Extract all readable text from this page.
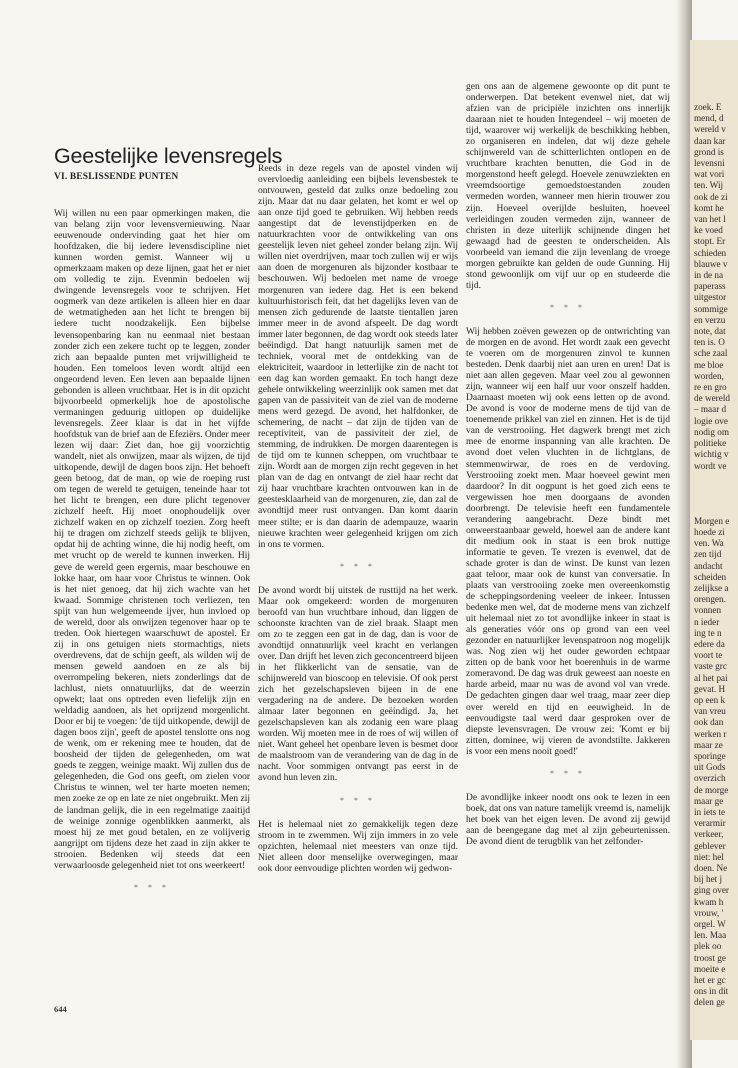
zoek. E
mend, d
wereld v
daan kar
grond is
levensni
wat vori
ten. Wij
ook de zi
komt he
van het l
ke voed
stopt. Er
schieden
blauwe v
in de na
paperass
uitgestor
sommige
en verzu
note, dat
ten is. O
sche zaal
me bloe
worden,
re en gro
de wereld
– maar d
logie ove
nodig om
politieke
wichtig v
wordt ve
Morgen e
hoede zi
ven. Wa
zen tijd
andacht
scheiden
zelijkse a
orengen.
vonnen
n ieder
ing te n
edere da
voort te
vaste grc
al het pai
gevat. H
op een k
van vreu
ook dan
werken r
maar ze
sporinge
uit Gods
overzich
de morge
maar ge
in iets te
verarmir
verkeer,
geblever
niet: hel
doen. Ne
bij het j
ging over
kwam h
vrouw, '
orgel. W
len. Maa
plek oo
troost ge
moeite e
het er gc
ons in dit
delen ge
Geestelijke levensregels
VI. BESLISSENDE PUNTEN

Wij willen nu een paar opmerkingen maken, die van belang zijn voor levensvernieuwing. Naar eeuwenoude ondervinding gaat het hier om hoofdzaken, die bij iedere levensdiscipline niet kunnen worden gemist. Wanneer wij u opmerkzaam maken op deze lijnen, gaat het er niet om volledig te zijn. Evenmin bedoelen wij dwingende levensregels voor te schrijven. Het oogmerk van deze artikelen is alleen hier en daar de wetmatigheden aan het licht te brengen bij iedere tucht noodzakelijk. Een bijbelse levensopenbaring kan nu eenmaal niet bestaan zonder zich een zekere tucht op te leggen, zonder zich aan bepaalde punten met vrijwilligheid te houden. Een tomeloos leven wordt altijd een ongeordend leven. Een leven aan bepaalde lijnen gebonden is alleen vruchtbaar. Het is in dit opzicht bijvoorbeeld opmerkelijk hoe de apostolische vermaningen geduurig uitlopen op duidelijke levensregels. Zeer klaar is dat in het vijfde hoofdstuk van de brief aan de Efeziërs. Onder meer lezen wij daar: Ziet dan, hoe gij voorzichtig wandelt, niet als onwijzen, maar als wijzen, de tijd uitkopende, dewijl de dagen boos zijn. Het behoeft geen betoog, dat de man, op wie de roeping rust om tegen de wereld te getuigen, teneinde haar tot het licht te brengen, een dure plicht tegenover zichzelf heeft. Hij moet onophoudelijk over zichzelf waken en op zichzelf toezien. Zorg heeft hij te dragen om zichzelf steeds gelijk te blijven, opdat hij de achting winne, die hij nodig heeft, om met vrucht op de wereld te kunnen inwerken. Hij geve de wereld geen ergernis, maar beschouwe en lokke haar, om haar voor Christus te winnen. Ook is het niet genoeg, dat hij zich wachte van het kwaad. Sommige christenen toch verliezen, ten spijt van hun welgemeende ijver, hun invloed op de wereld, door als onwijzen tegenover haar op te treden. Ook hiertegen waarschuwt de apostel. Er zij in ons getuigen niets stormachtigs, niets overdrevens, dat de schijn geeft, als wilden wij de mensen geweld aandoen en ze als bij overrompeling bekeren, niets zonderlings dat de lachlust, niets onnatuurlijks, dat de weerzin opwekt; laat ons optreden even liefelijk zijn en weldadig aandoen, als het oprijzend morgenlicht. Door er bij te voegen: 'de tijd uitkopende, dewijl de dagen boos zijn', geeft de apostel tenslotte ons nog de wenk, om er rekening mee te houden, dat de boosheid der tijden de gelegenheden, om wat goeds te zeggen, weinige maakt. Wij zullen dus de gelegenheden, die God ons geeft, om zielen voor Christus te winnen, wel ter harte moeten nemen; men zoeke ze op en late ze niet ongebruikt. Men zij de landman gelijk, die in een regelmatige zaaitijd de weinige zonnige ogenblikken aanmerkt, als moest hij ze met goud betalen, en ze volijverig aangrijpt om tijdens deze het zaad in zijn akker te strooien. Bedenken wij steeds dat een verwaarloosde gelegenheid niet tot ons weerkeert!

* * *

Reeds in deze regels van de apostel vinden wij overvloedig aanleiding een bijbels levensbestek te ontvouwen, gesteld dat zulks onze bedoeling zou zijn. Maar dat nu daar gelaten, het komt er wel op aan onze tijd goed te gebruiken. Wij hebben reeds aangestipt dat de levenstijdperken en de natuurkrachten voor de ontwikkeling van ons geestelijk leven niet geheel zonder belang zijn. Wij willen niet overdrijven, maar toch zullen wij er wijs aan doen de morgenuren als bijzonder kostbaar te beschouwen. Wij bedoelen met name de vroege morgenuren van iedere dag. Het is een bekend kultuurhistorisch feit, dat het dagelijks leven van de mensen zich gedurende de laatste tientallen jaren immer meer in de avond afspeelt. De dag wordt immer later begonnen, de dag wordt ook steeds later beëindigd. Dat hangt natuurlijk samen met de techniek, vooral met de ontdekking van de elektriciteit, waardoor in letterlijke zin de nacht tot een dag kan worden gemaakt. En toch hangt deze gehele ontwikkeling weerzinlijk ook samen met dat gapen van de passiviteit van de ziel van de moderne mens werd gezegd. De avond, het halfdonker, de schemering, de nacht – dat zijn de tijden van de receptiviteit, van de passiviteit der ziel, de stemming, de indrukken. De morgen daarentegen is de tijd om te kunnen scheppen, om vruchtbaar te zijn. Wordt aan de morgen zijn recht gegeven in het plan van de dag en ontvangt de ziel haar recht dat zij haar vruchtbare krachten ontvouwen kan in de geestesklaarheid van de morgenuren, zie, dan zal de avondtijd meer rust ontvangen. Dan komt daarin meer stilte; er is dan daarin de adempauze, waarin nieuwe krachten weer gelegenheid krijgen om zich in ons te vormen.

* * *

De avond wordt bij uitstek de rusttijd na het werk. Maar ook omgekeerd: worden de morgenuren beroofd van hun vruchtbare inhoud, dan liggen de schoonste krachten van de ziel braak. Slaapt men om zo te zeggen een gat in de dag, dan is voor de avondtijd onnatuurlijk veel kracht en verlangen over. Dan drijft het leven zich geconcentreerd bijeen in het flikkerlicht van de sensatie, van de schijnwereld van bioscoop en televisie. Of ook perst zich het gezelschapsleven bijeen in de ene vergadering na de andere. De bezoeken worden almaar later begonnen en geëindigd. Ja, het gezelschapsleven kan als zodanig een ware plaag worden. Wij moeten mee in de roes of wij willen of niet. Want geheel het openbare leven is besmet door de maalstroom van de verandering van de dag in de nacht. Voor sommigen ontvangt pas eerst in de avond hun leven zin.

* * *

Het is helemaal niet zo gemakkelijk tegen deze stroom in te zwemmen. Wij zijn immers in zo vele opzichten, helemaal niet meesters van onze tijd. Niet alleen door menselijke overwegingen, maar ook door eenvoudige plichten worden wij gedwon-

gen ons aan de algemene gewoonte op dit punt te onderwerpen. Dat betekent evenwel niet, dat wij afzien van de pricipiële inzichten ons innerlijk daaraan niet te houden Integendeel – wij moeten de tijd, waarover wij werkelijk de beschikking hebben, zo organiseren en indelen, dat wij deze gehele schijnwereld van de schitterlichten ontlopen en de vruchtbare krachten benutten, die God in de morgenstond heeft gelegd. Hoevele zenuwziekten en vreemdsoortige gemoedstoestanden zouden vermeden worden, wanneer men hierin trouwer zou zijn. Hoeveel overijlde besluiten, hoeveel verleidingen zouden vermeden zijn, wanneer de christen in deze uiterlijk schijnende dingen het gewaagd had de geesten te onderscheiden. Als voorbeeld van iemand die zijn levenlang de vroege morgen gebruikte kan gelden de oude Gunning. Hij stond gewoonlijk om vijf uur op en studeerde die tijd.

* * *

Wij hebben zoëven gewezen op de ontwrichting van de morgen en de avond. Het wordt zaak een gevecht te voeren om de morgenuren zinvol te kunnen besteden. Denk daarbij niet aan uren en uren! Dat is niet aan allen gegeven. Maar veel zou al gewonnen zijn, wanneer wij een half uur voor onszelf hadden. Daarnaast moeten wij ook eens letten op de avond. De avond is voor de moderne mens de tijd van de toenemende prikkel van ziel en zinnen. Het is de tijd van de verstrooiing. Het dagwerk brengt met zich mee de enorme inspanning van alle krachten. De avond doet velen vluchten in de lichtglans, de stemmenwirwar, de roes en de verdoving. Verstrooiing zoekt men. Maar hoeveel gewint men daardoor? In dit oogpunt is het goed zich eens te vergewissen hoe men doorgaans de avonden doorbrengt. De televisie heeft een fundamentele verandering aangebracht. Deze bindt met onweerstaanbaar geweld, hoewel aan de andere kant dit medium ook in staat is een brok nuttige informatie te geven. Te vrezen is evenwel, dat de schade groter is dan de winst. De kunst van lezen gaat teloor, maar ook de kunst van conversatie. In plaats van verstrooiing zoeke men overeenkomstig de scheppingsordening veeleer de inkeer. Intussen bedenke men wel, dat de moderne mens van zichzelf uit helemaal niet zo tot avondlijke inkeer in staat is als generaties vóór ons op grond van een veel gezonder en natuurlijker levenspatroon nog mogelijk was. Nog zien wij het ouder geworden echtpaar zitten op de bank voor het boerenhuis in de warme zomeravond. De dag was druk geweest aan noeste en harde arbeid, maar nu was de avond vol van vrede. De gedachten gingen daar wel traag, maar zeer diep over wereld en tijd en eeuwigheid. In de eenvoudigste taal werd daar gesproken over de diepste levensvragen. De vrouw zei: 'Komt er bij zitten, dominee, wij vieren de avondstilte. Jakkeren is voor een mens nooit goed!'

* * *

De avondlijke inkeer noodt ons ook te lezen in een boek, dat ons van nature tamelijk vreemd is, namelijk het boek van het eigen leven. De avond zij gewijd aan de beengegane dag met al zijn gebeurtenissen. De avond dient de terugblik van het zelfonder-

644
